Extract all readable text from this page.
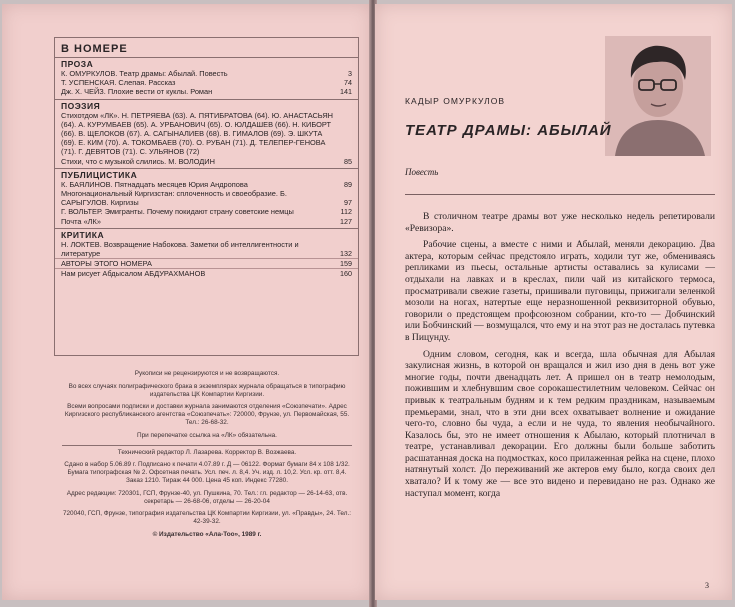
В НОМЕРЕ
ПРОЗА
К. ОМУРКУЛОВ. Театр драмы: Абылай. Повесть	3
Т. УСПЕНСКАЯ. Слепая. Рассказ	74
Дж. Х. ЧЕЙЗ. Плохие вести от куклы. Роман	141
ПОЭЗИЯ
Стихотдом «ЛК». Н. ПЕТРЯЕВА (63). А. ПЯТИБРАТОВА (64). Ю. АНАСТАСЬЯН (64). А. КУРУМБАЕВ (65). А. УРБАНОВИЧ (65). О. ЮЛДАШЕВ (66). Н. КИБОРТ (66). В. ЩЕЛОКОВ (67). А. САГЫНАЛИЕВ (68). В. ГИМАЛОВ (69). Э. ШКУТА (69). Е. КИМ (70). А. ТОКОМБАЕВ (70). О. РУБАН (71). Д. ТЕЛЕПЕР-ГЕНОВА (71). Г. ДЕВЯТОВ (71). С. УЛЬЯНОВ (72)
Стихи, что с музыкой слились. М. ВОЛОДИН	85
ПУБЛИЦИСТИКА
К. БАЯЛИНОВ. Пятнадцать месяцев Юрия Андропова	89
Многонациональный Киргизстан: сплоченность и своеобразие. Б. САРЫГУЛОВ. Киргизы	97
Г. ВОЛЬТЕР. Эмигранты. Почему покидают страну советские немцы	112
Почта «ЛК»	127
КРИТИКА
Н. ЛОКТЕВ. Возвращение Набокова. Заметки об интеллигентности и литературе	132
АВТОРЫ ЭТОГО НОМЕРА	159
Нам рисует Абдысалом АБДУРАХМАНОВ	160

Рукописи не рецензируются и не возвращаются.

Во всех случаях полиграфического брака в экземплярах журнала обращаться в типографию издательства ЦК Компартии Киргизии.

Всеми вопросами подписки и доставки журнала занимаются отделения «Союзпечати». Адрес Киргизского республиканского агентства «Союзпечать»: 720000, Фрунзе, ул. Первомайская, 55. Тел.: 26-68-32.

При перепечатке ссылка на «ЛК» обязательна.

Технический редактор Л. Лазарева. Корректор В. Возжаева.

Сдано в набор 5.06.89 г. Подписано к печати 4.07.89 г. Д — 06122. Формат бумаги 84 x 108 1/32. Бумага типографская № 2. Офсетная печать. Усл. печ. л. 8,4. Уч. изд. л. 10,2. Усл. кр. отт. 8,4. Заказ 1210. Тираж 44 000. Цена 45 коп. Индекс 77280.

Адрес редакции: 720301, ГСП, Фрунзе-40, ул. Пушкина, 70. Тел.: гл. редактор — 26-14-63, отв. секретарь — 26-68-06, отделы — 26-20-04

720040, ГСП, Фрунзе, типография издательства ЦК Компартии Киргизии, ул. «Правды», 24. Тел.: 42-39-32.

© Издательство «Ала-Тоо», 1989 г.

КАДЫР ОМУРКУЛОВ
ТЕАТР ДРАМЫ: АБЫЛАЙ
Повесть

В столичном театре драмы вот уже несколько недель репетировали «Ревизора».

Рабочие сцены, а вместе с ними и Абылай, меняли декорацию. Два актера, которым сейчас предстояло играть, ходили тут же, обмениваясь репликами из пьесы, остальные артисты оставались за кулисами — отдыхали на лавках и в креслах, пили чай из китайского термоса, просматривали свежие газеты, пришивали пуговицы, прижигали зеленкой мозоли на ногах, натертые еще неразношенной реквизиторной обувью, говорили о предстоящем профсоюзном собрании, кто-то — Добчинский или Бобчинский — возмущался, что ему и на этот раз не досталась путевка в Пицунду.

Одним словом, сегодня, как и всегда, шла обычная для Абылая закулисная жизнь, в которой он вращался и жил изо дня в день вот уже многие годы, почти двенадцать лет. А пришел он в театр немолодым, пожившим и хлебнувшим свое сорокашестилетним человеком. Сейчас он привык к театральным будням и к тем редким праздникам, называемым премьерами, знал, что в эти дни всех охватывает волнение и ожидание чего-то, словно бы чуда, а если и не чуда, то явления необычайного. Казалось бы, это не имеет отношения к Абылаю, который плотничал в театре, устанавливал декорации. Его должны были больше заботить расшатанная доска на подмостках, косо прилаженная рейка на сцене, плохо натянутый холст. До переживаний же актеров ему было, когда своих дел хватало? И к тому же — все это видено и перевидано не раз. Однако же наступал момент, когда

3
